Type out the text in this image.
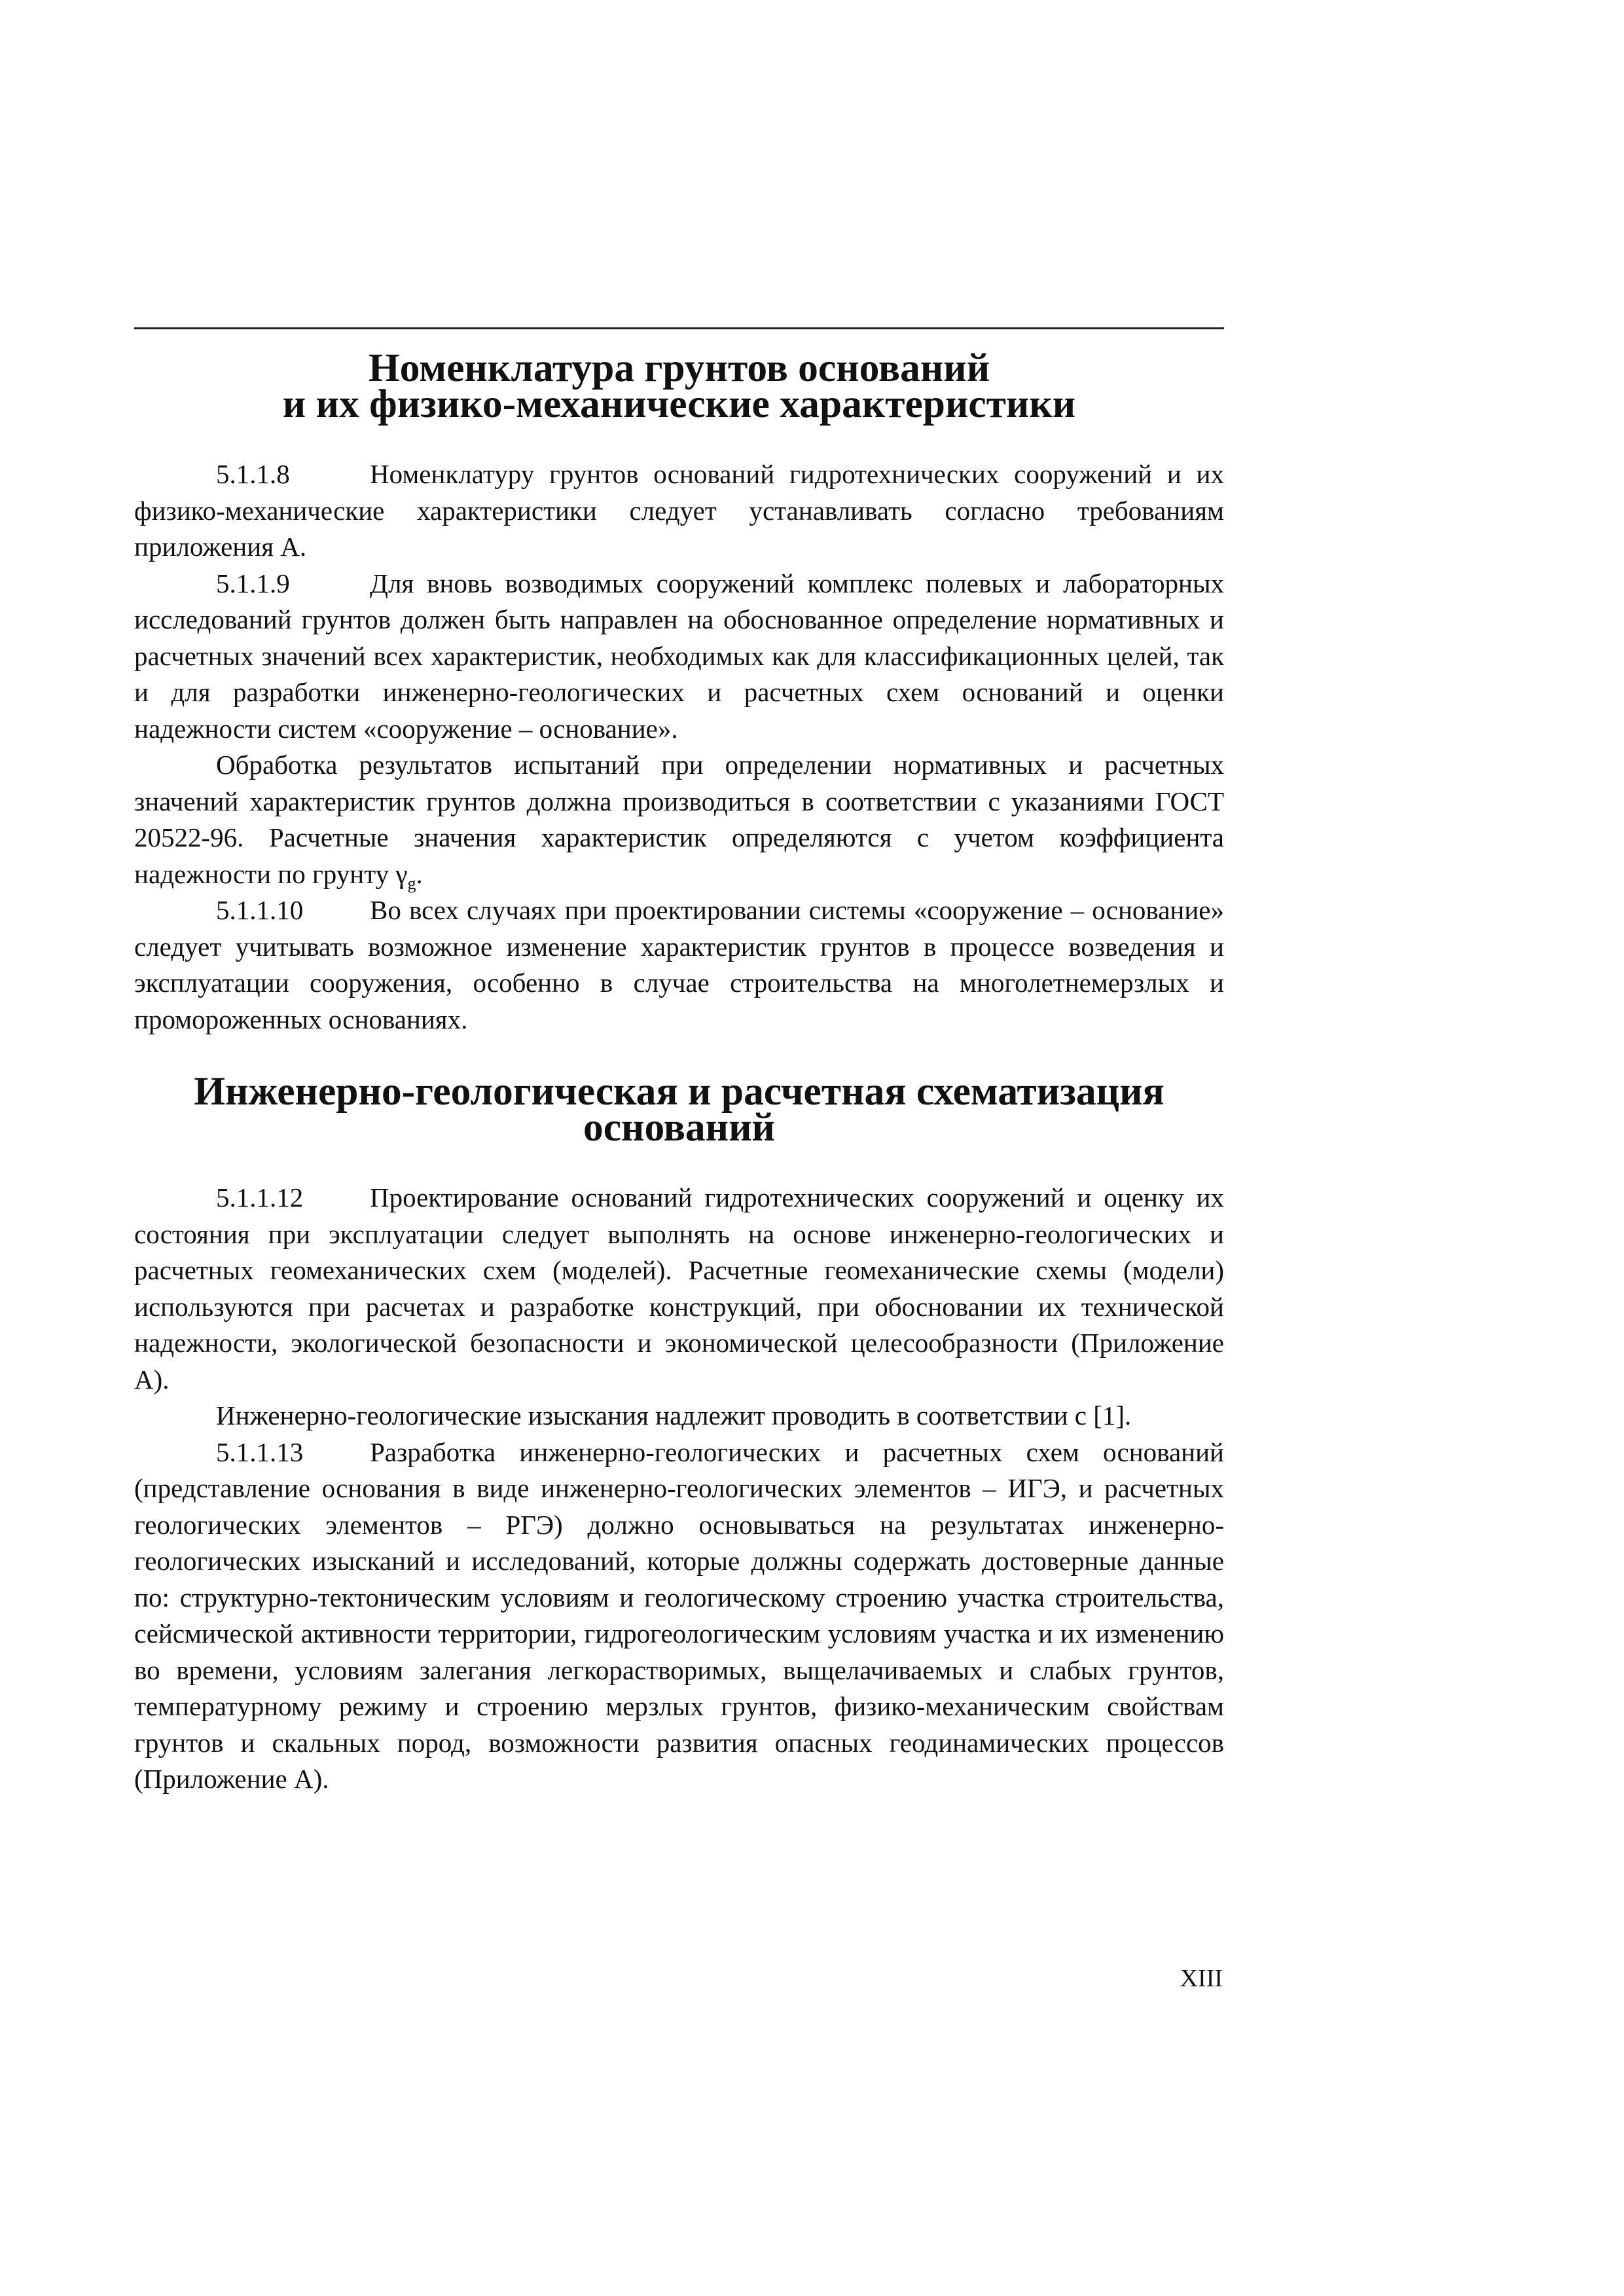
Номенклатура грунтов оснований
и их физико-механические характеристики

5.1.1.8	Номенклатуру грунтов оснований гидротехнических сооружений и их физико-механические характеристики следует устанавливать согласно требованиям приложения А.

5.1.1.9	Для вновь возводимых сооружений комплекс полевых и лабораторных исследований грунтов должен быть направлен на обоснованное определение нормативных и расчетных значений всех характеристик, необходимых как для классификационных целей, так и для разработки инженерно-геологических и расчетных схем оснований и оценки надежности систем «сооружение – основание».

Обработка результатов испытаний при определении нормативных и расчетных значений характеристик грунтов должна производиться в соответствии с указаниями ГОСТ 20522-96. Расчетные значения характеристик определяются с учетом коэффициента надежности по грунту $\gamma_g$.

5.1.1.10 Во всех случаях при проектировании системы «сооружение – основание» следует учитывать возможное изменение характеристик грунтов в процессе возведения и эксплуатации сооружения, особенно в случае строительства на многолетнемерзлых и промороженных основаниях.

Инженерно-геологическая и расчетная схематизация оснований

5.1.1.12 Проектирование оснований гидротехнических сооружений и оценку их состояния при эксплуатации следует выполнять на основе инженерно-геологических и расчетных геомеханических схем (моделей). Расчетные геомеханические схемы (модели) используются при расчетах и разработке конструкций, при обосновании их технической надежности, экологической безопасности и экономической целесообразности (Приложение А).

Инженерно-геологические изыскания надлежит проводить в соответствии с [1].

5.1.1.13 Разработка инженерно-геологических и расчетных схем оснований (представление основания в виде инженерно-геологических элементов – ИГЭ, и расчетных геологических элементов – РГЭ) должно основываться на результатах инженерно-геологических изысканий и исследований, которые должны содержать достоверные данные по: структурно-тектоническим условиям и геологическому строению участка строительства, сейсмической активности территории, гидрогеологическим условиям участка и их изменению во времени, условиям залегания легкорастворимых, выщелачиваемых и слабых грунтов, температурному режиму и строению мерзлых грунтов, физико-механическим свойствам грунтов и скальных пород, возможности развития опасных геодинамических процессов (Приложение А).

XIII
